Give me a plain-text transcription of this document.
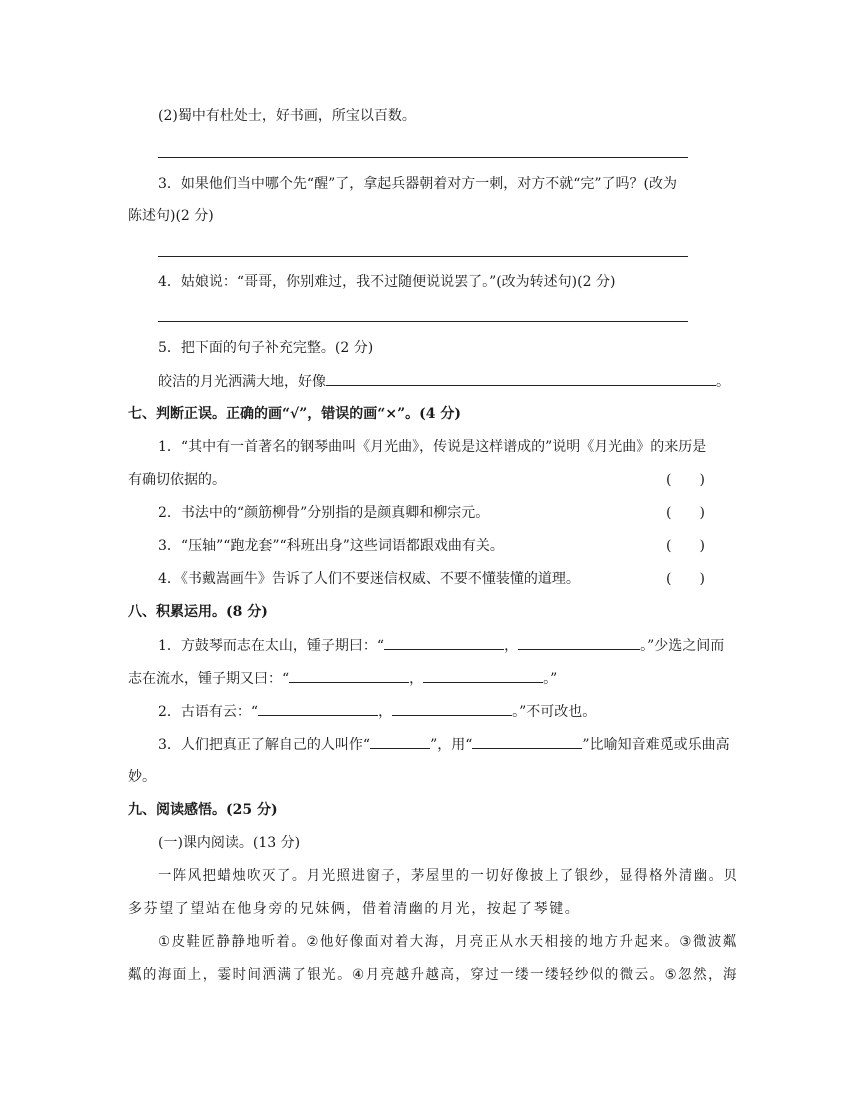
(2)蜀中有杜处士，好书画，所宝以百数。
3．如果他们当中哪个先“醒”了，拿起兵器朝着对方一刺，对方不就“完”了吗？(改为
陈述句)(2 分)
4．姑娘说：“哥哥，你别难过，我不过随便说说罢了。”(改为转述句)(2 分)
5．把下面的句子补充完整。(2 分)
皎洁的月光洒满大地，好像	。
七、判断正误。正确的画“√”，错误的画“×”。(4 分)
1．“其中有一首著名的钢琴曲叫《月光曲》，传说是这样谱成的”说明《月光曲》的来历是
有确切依据的。	(　　)
2．书法中的“颜筋柳骨”分别指的是颜真卿和柳宗元。	(　　)
3．“压轴”“跑龙套”“科班出身”这些词语都跟戏曲有关。	(　　)
4．《书戴嵩画牛》告诉了人们不要迷信权威、不要不懂装懂的道理。	(　　)
八、积累运用。(8 分)
1．方鼓琴而志在太山，锺子期曰：“	，	。”少选之间而
志在流水，锺子期又曰：“	，	。”
2．古语有云：“	，	。”不可改也。
3．人们把真正了解自己的人叫作“	”，用“	”比喻知音难觅或乐曲高
妙。
九、阅读感悟。(25 分)
(一)课内阅读。(13 分)
一阵风把蜡烛吹灭了。月光照进窗子，茅屋里的一切好像披上了银纱，显得格外清幽。贝
多芬望了望站在他身旁的兄妹俩，借着清幽的月光，按起了琴键。
①皮鞋匠静静地听着。②他好像面对着大海，月亮正从水天相接的地方升起来。③微波粼
粼的海面上，霎时间洒满了银光。④月亮越升越高，穿过一缕一缕轻纱似的微云。⑤忽然，海
